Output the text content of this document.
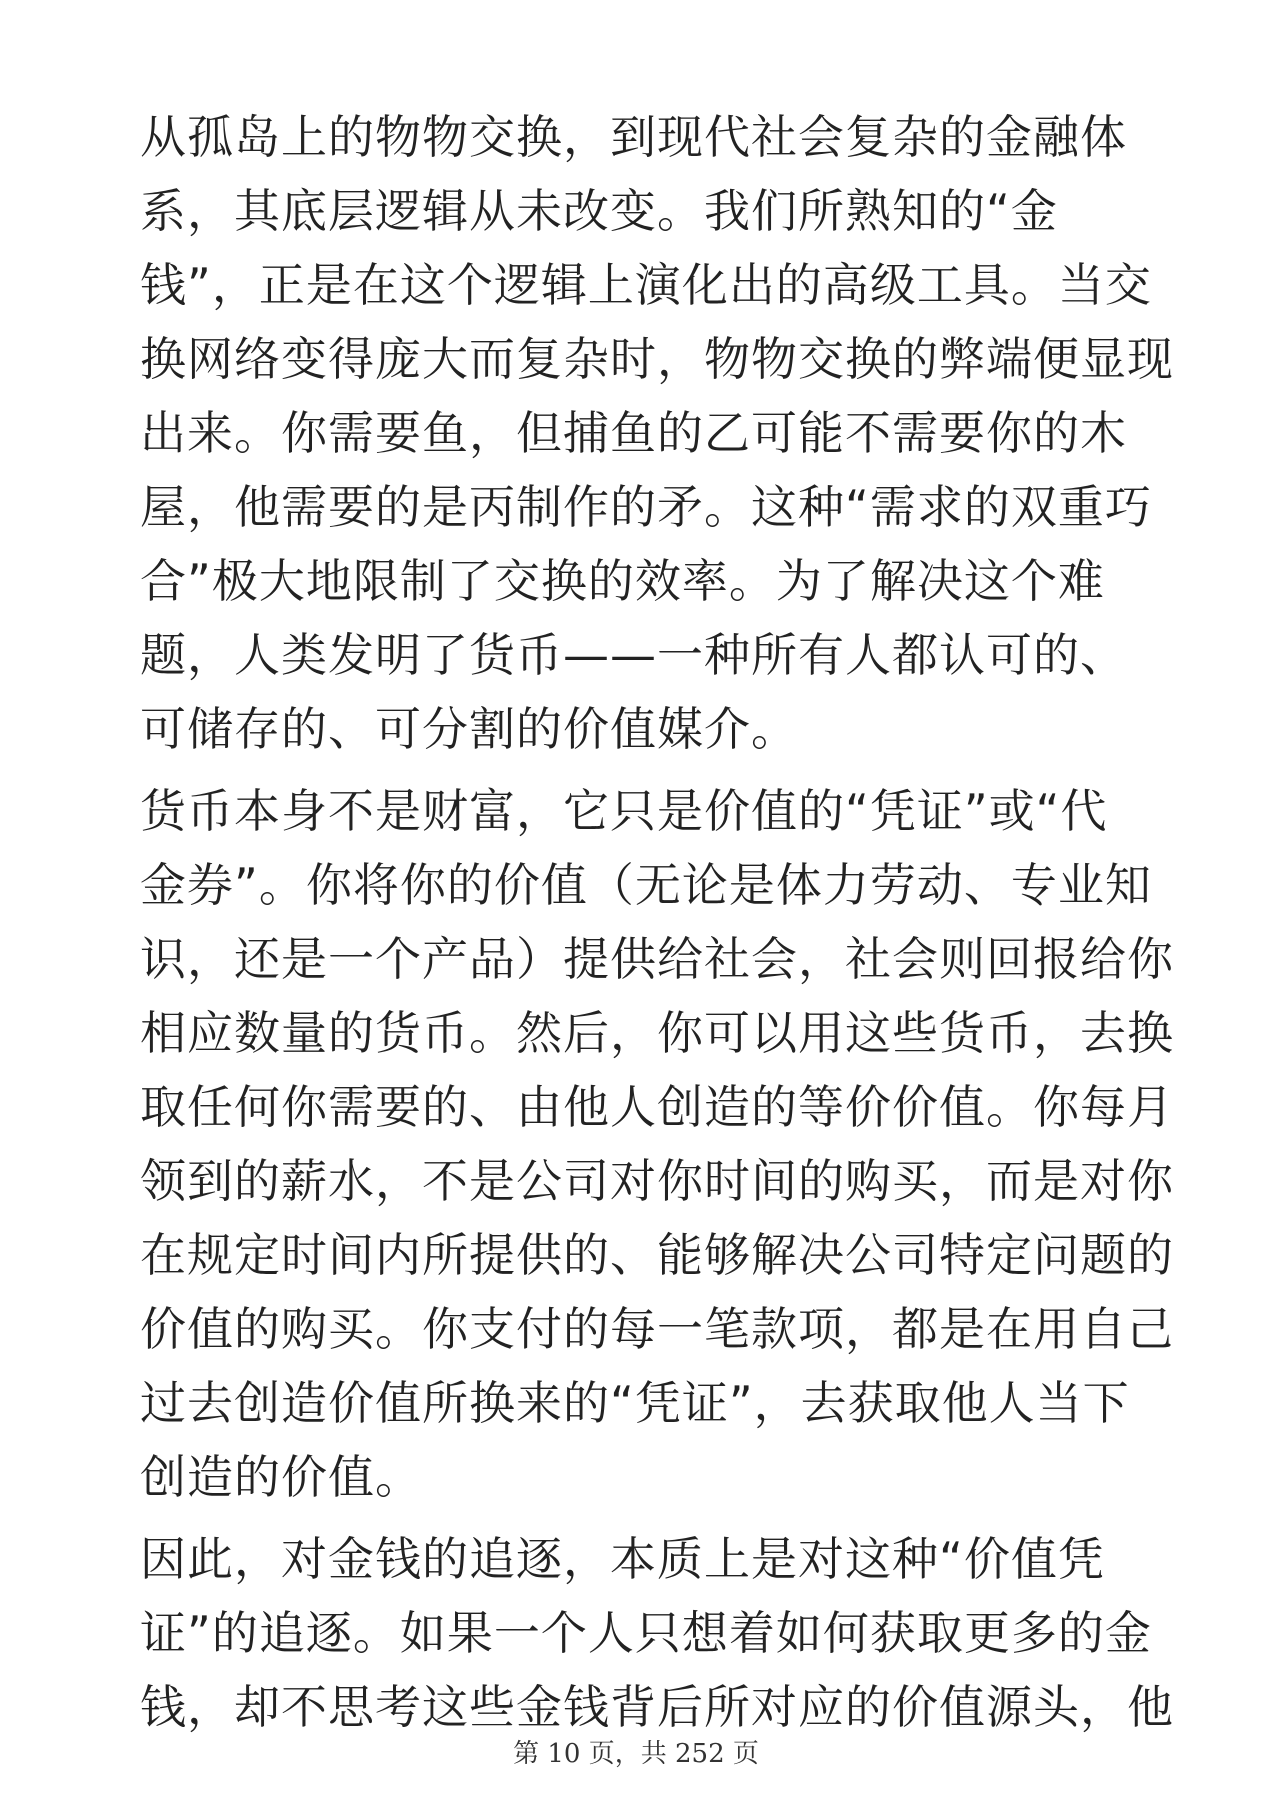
从孤岛上的物物交换，到现代社会复杂的金融体
系，其底层逻辑从未改变。我们所熟知的“金
钱”，正是在这个逻辑上演化出的高级工具。当交
换网络变得庞大而复杂时，物物交换的弊端便显现
出来。你需要鱼，但捕鱼的乙可能不需要你的木
屋，他需要的是丙制作的矛。这种“需求的双重巧
合”极大地限制了交换的效率。为了解决这个难
题，人类发明了货币——一种所有人都认可的、
可储存的、可分割的价值媒介。
货币本身不是财富，它只是价值的“凭证”或“代
金券”。你将你的价值（无论是体力劳动、专业知
识，还是一个产品）提供给社会，社会则回报给你
相应数量的货币。然后，你可以用这些货币，去换
取任何你需要的、由他人创造的等价价值。你每月
领到的薪水，不是公司对你时间的购买，而是对你
在规定时间内所提供的、能够解决公司特定问题的
价值的购买。你支付的每一笔款项，都是在用自己
过去创造价值所换来的“凭证”，去获取他人当下
创造的价值。
因此，对金钱的追逐，本质上是对这种“价值凭
证”的追逐。如果一个人只想着如何获取更多的金
钱，却不思考这些金钱背后所对应的价值源头，他
第 10 页，共 252 页
